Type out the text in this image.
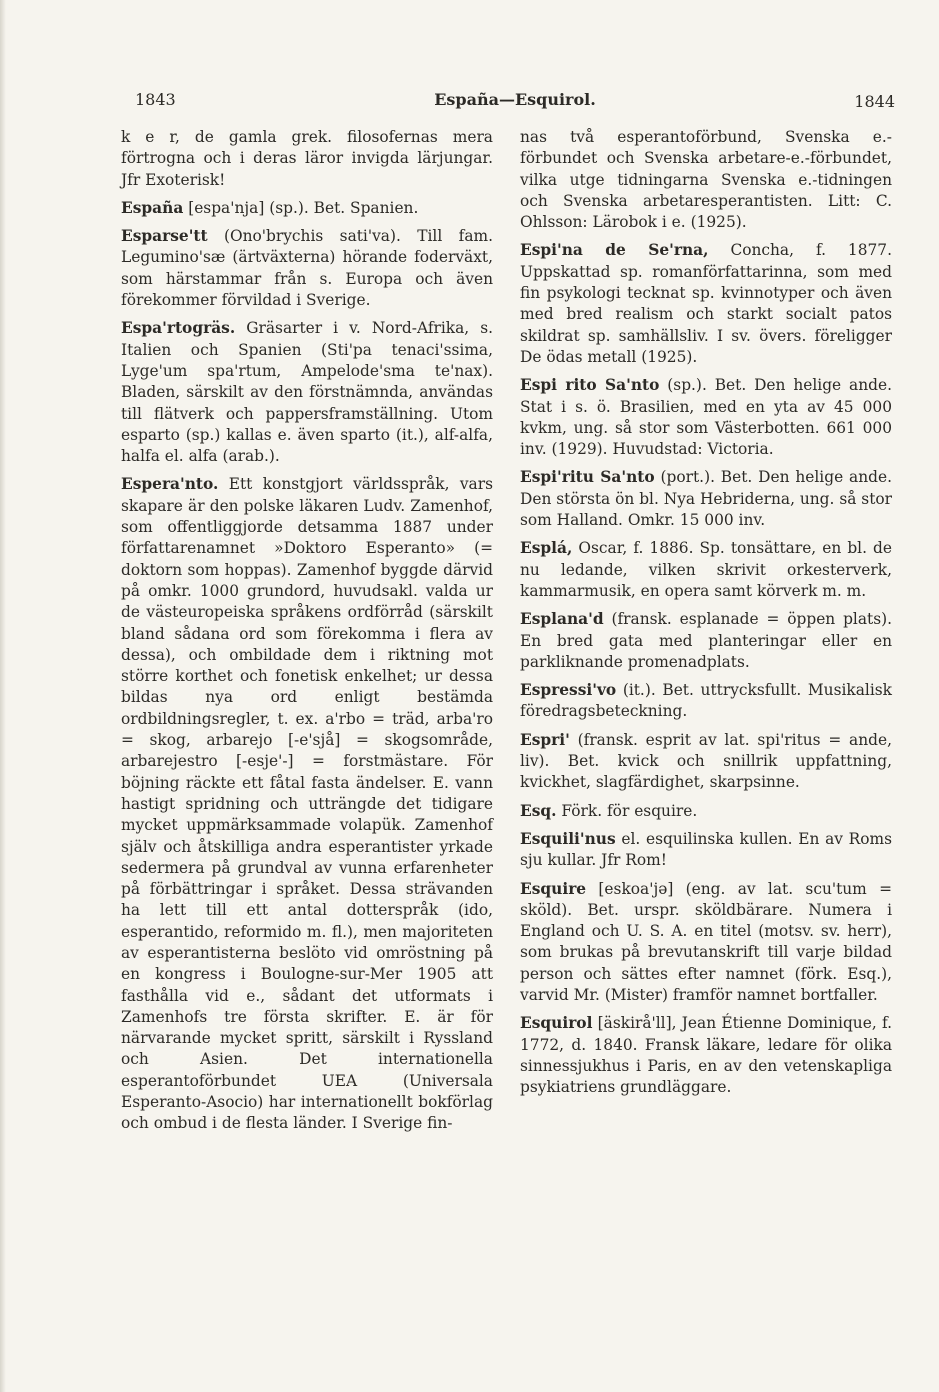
1843	España—Esquirol.	1844

k e r, de gamla grek. filosofernas mera förtrogna och i deras läror invigda lärjungar. Jfr Exoterisk!

España [espa'nja] (sp.). Bet. Spanien.

Esparse'tt (Ono'brychis sati'va). Till fam. Legumino'sæ (ärtväxterna) hörande foderväxt, som härstammar från s. Europa och även förekommer förvildad i Sverige.

Espa'rtogräs. Gräsarter i v. Nord-Afrika, s. Italien och Spanien (Sti'pa tenaci'ssima, Lyge'um spa'rtum, Ampelode'sma te'nax). Bladen, särskilt av den förstnämnda, användas till flätverk och pappersframställning. Utom esparto (sp.) kallas e. även sparto (it.), alf-alfa, halfa el. alfa (arab.).

Espera'nto. Ett konstgjort världsspråk, vars skapare är den polske läkaren Ludv. Zamenhof, som offentliggjorde detsamma 1887 under författarenamnet »Doktoro Esperanto» (= doktorn som hoppas). Zamenhof byggde därvid på omkr. 1000 grundord, huvudsakl. valda ur de västeuropeiska språkens ordförråd (särskilt bland sådana ord som förekomma i flera av dessa), och ombildade dem i riktning mot större korthet och fonetisk enkelhet; ur dessa bildas nya ord enligt bestämda ordbildningsregler, t. ex. a'rbo = träd, arba'ro = skog, arbarejo [-e'sjå] = skogsområde, arbarejestro [-esje'-] = forstmästare. För böjning räckte ett fåtal fasta ändelser. E. vann hastigt spridning och utträngde det tidigare mycket uppmärksammade volapük. Zamenhof själv och åtskilliga andra esperantister yrkade sedermera på grundval av vunna erfarenheter på förbättringar i språket. Dessa strävanden ha lett till ett antal dotterspråk (ido, esperantido, reformido m. fl.), men majoriteten av esperantisterna beslöto vid omröstning på en kongress i Boulogne-sur-Mer 1905 att fasthålla vid e., sådant det utformats i Zamenhofs tre första skrifter. E. är för närvarande mycket spritt, särskilt i Ryssland och Asien. Det internationella esperantoförbundet UEA (Universala Esperanto-Asocio) har internationellt bokförlag och ombud i de flesta länder. I Sverige fin-

nas två esperantoförbund, Svenska e.-förbundet och Svenska arbetare-e.-förbundet, vilka utge tidningarna Svenska e.-tidningen och Svenska arbetaresperantisten. Litt: C. Ohlsson: Lärobok i e. (1925).

Espi'na de Se'rna, Concha, f. 1877. Uppskattad sp. romanförfattarinna, som med fin psykologi tecknat sp. kvinnotyper och även med bred realism och starkt socialt patos skildrat sp. samhällsliv. I sv. övers. föreligger De ödas metall (1925).

Espi rito Sa'nto (sp.). Bet. Den helige ande. Stat i s. ö. Brasilien, med en yta av 45 000 kvkm, ung. så stor som Västerbotten. 661 000 inv. (1929). Huvudstad: Victoria.

Espi'ritu Sa'nto (port.). Bet. Den helige ande. Den största ön bl. Nya Hebriderna, ung. så stor som Halland. Omkr. 15 000 inv.

Esplá, Oscar, f. 1886. Sp. tonsättare, en bl. de nu ledande, vilken skrivit orkesterverk, kammarmusik, en opera samt körverk m. m.

Esplana'd (fransk. esplanade = öppen plats). En bred gata med planteringar eller en parkliknande promenadplats.

Espressi'vo (it.). Bet. uttrycksfullt. Musikalisk föredragsbeteckning.

Espri' (fransk. esprit av lat. spi'ritus = ande, liv). Bet. kvick och snillrik uppfattning, kvickhet, slagfärdighet, skarpsinne.

Esq. Förk. för esquire.

Esquili'nus el. esquilinska kullen. En av Roms sju kullar. Jfr Rom!

Esquire [eskoa'jə] (eng. av lat. scu'tum = sköld). Bet. urspr. sköldbärare. Numera i England och U. S. A. en titel (motsv. sv. herr), som brukas på brevutanskrift till varje bildad person och sättes efter namnet (förk. Esq.), varvid Mr. (Mister) framför namnet bortfaller.

Esquirol [äskirå'll], Jean Étienne Dominique, f. 1772, d. 1840. Fransk läkare, ledare för olika sinnessjukhus i Paris, en av den vetenskapliga psykiatriens grundläggare.
